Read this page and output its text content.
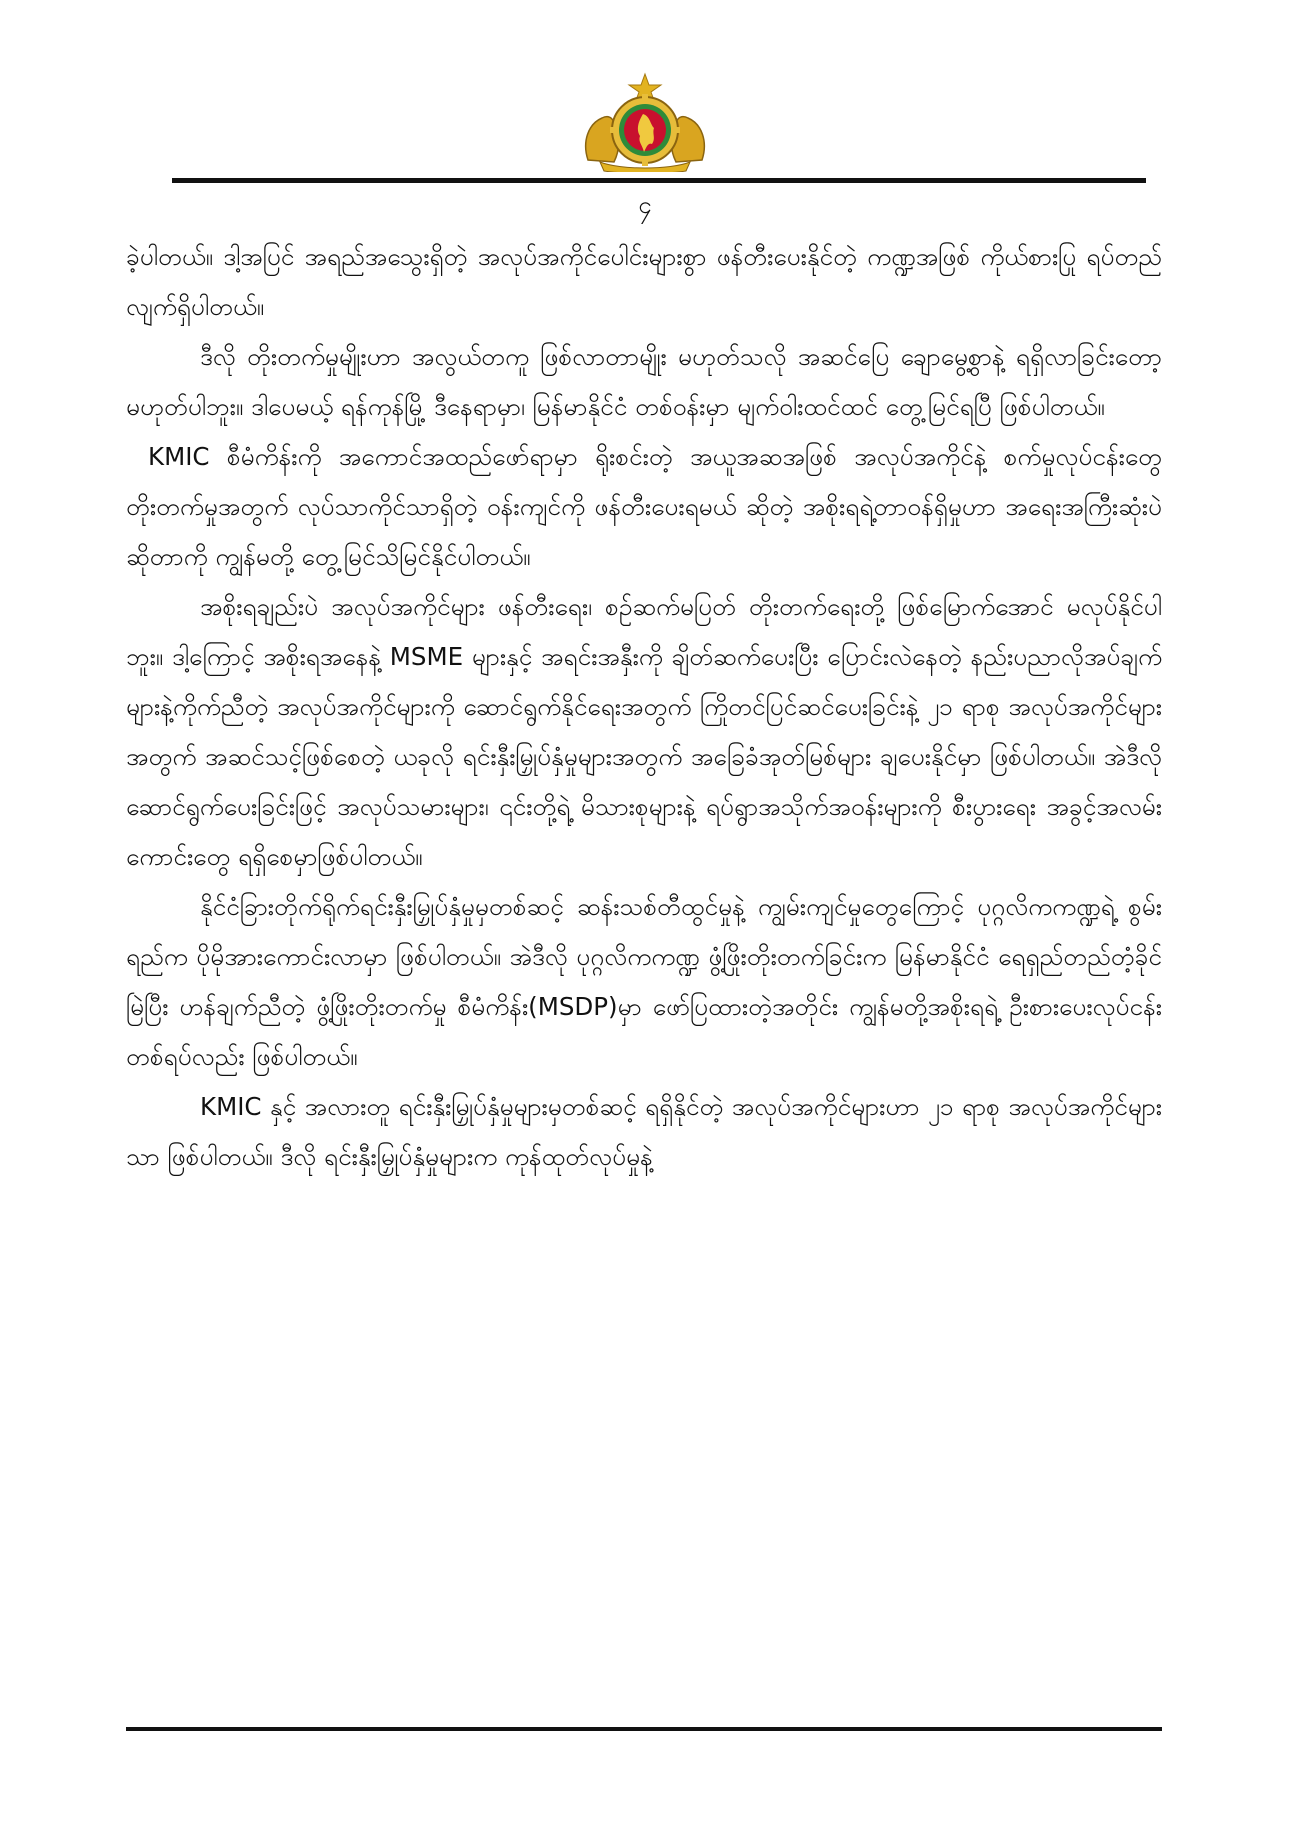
၄

ခဲ့ပါတယ်။ ဒါ့အပြင် အရည်အသွေးရှိတဲ့ အလုပ်အကိုင်ပေါင်းများစွာ ဖန်တီးပေးနိုင်တဲ့ ကဏ္ဍအဖြစ် ကိုယ်စားပြု ရပ်တည်လျက်ရှိပါတယ်။

ဒီလို တိုးတက်မှုမျိုးဟာ အလွယ်တကူ ဖြစ်လာတာမျိုး မဟုတ်သလို အဆင်ပြေ ချောမွေ့စွာနဲ့ ရရှိလာခြင်းတော့ မဟုတ်ပါဘူး။ ဒါပေမယ့် ရန်ကုန်မြို့ ဒီနေရာမှာ၊ မြန်မာနိုင်ငံ တစ်ဝန်းမှာ မျက်ဝါးထင်ထင် တွေ့မြင်ရပြီ ဖြစ်ပါတယ်။

KMIC စီမံကိန်းကို အကောင်အထည်ဖော်ရာမှာ ရိုးစင်းတဲ့ အယူအဆအဖြစ် အလုပ်အကိုင်နဲ့ စက်မှုလုပ်ငန်းတွေ တိုးတက်မှုအတွက် လုပ်သာကိုင်သာရှိတဲ့ ဝန်းကျင်ကို ဖန်တီးပေးရမယ် ဆိုတဲ့ အစိုးရရဲ့တာဝန်ရှိမှုဟာ အရေးအကြီးဆုံးပဲဆိုတာကို ကျွန်မတို့ တွေ့မြင်သိမြင်နိုင်ပါတယ်။

အစိုးရချည်းပဲ အလုပ်အကိုင်များ ဖန်တီးရေး၊ စဉ်ဆက်မပြတ် တိုးတက်ရေးတို့ ဖြစ်မြောက်အောင် မလုပ်နိုင်ပါဘူး။ ဒါ့ကြောင့် အစိုးရအနေနဲ့ MSME များနှင့် အရင်းအနှီးကို ချိတ်ဆက်ပေးပြီး ပြောင်းလဲနေတဲ့ နည်းပညာလိုအပ်ချက်များနဲ့ကိုက်ညီတဲ့ အလုပ်အကိုင်များကို ဆောင်ရွက်နိုင်ရေးအတွက် ကြိုတင်ပြင်ဆင်ပေးခြင်းနဲ့ ၂၁ ရာစု အလုပ်အကိုင်များအတွက် အဆင်သင့်ဖြစ်စေတဲ့ ယခုလို ရင်းနှီးမြှုပ်နှံမှုများအတွက် အခြေခံအုတ်မြစ်များ ချပေးနိုင်မှာ ဖြစ်ပါတယ်။ အဲဒီလို ဆောင်ရွက်ပေးခြင်းဖြင့် အလုပ်သမားများ၊ ၎င်းတို့ရဲ့ မိသားစုများနဲ့ ရပ်ရွာအသိုက်အဝန်းများကို စီးပွားရေး အခွင့်အလမ်းကောင်းတွေ ရရှိစေမှာဖြစ်ပါတယ်။

နိုင်ငံခြားတိုက်ရိုက်ရင်းနှီးမြှုပ်နှံမှုမှတစ်ဆင့် ဆန်းသစ်တီထွင်မှုနဲ့ ကျွမ်းကျင်မှုတွေကြောင့် ပုဂ္ဂလိကကဏ္ဍရဲ့ စွမ်းရည်က ပိုမိုအားကောင်းလာမှာ ဖြစ်ပါတယ်။ အဲဒီလို ပုဂ္ဂလိကကဏ္ဍ ဖွံ့ဖြိုးတိုးတက်ခြင်းက မြန်မာနိုင်ငံ ရေရှည်တည်တံ့ခိုင်မြဲပြီး ဟန်ချက်ညီတဲ့ ဖွံ့ဖြိုးတိုးတက်မှု စီမံကိန်း(MSDP)မှာ ဖော်ပြထားတဲ့အတိုင်း ကျွန်မတို့အစိုးရရဲ့ ဦးစားပေးလုပ်ငန်းတစ်ရပ်လည်း ဖြစ်ပါတယ်။

KMIC နှင့် အလားတူ ရင်းနှီးမြှုပ်နှံမှုများမှတစ်ဆင့် ရရှိနိုင်တဲ့ အလုပ်အကိုင်များဟာ ၂၁ ရာစု အလုပ်အကိုင်များသာ ဖြစ်ပါတယ်။ ဒီလို ရင်းနှီးမြှုပ်နှံမှုများက ကုန်ထုတ်လုပ်မှုနဲ့
